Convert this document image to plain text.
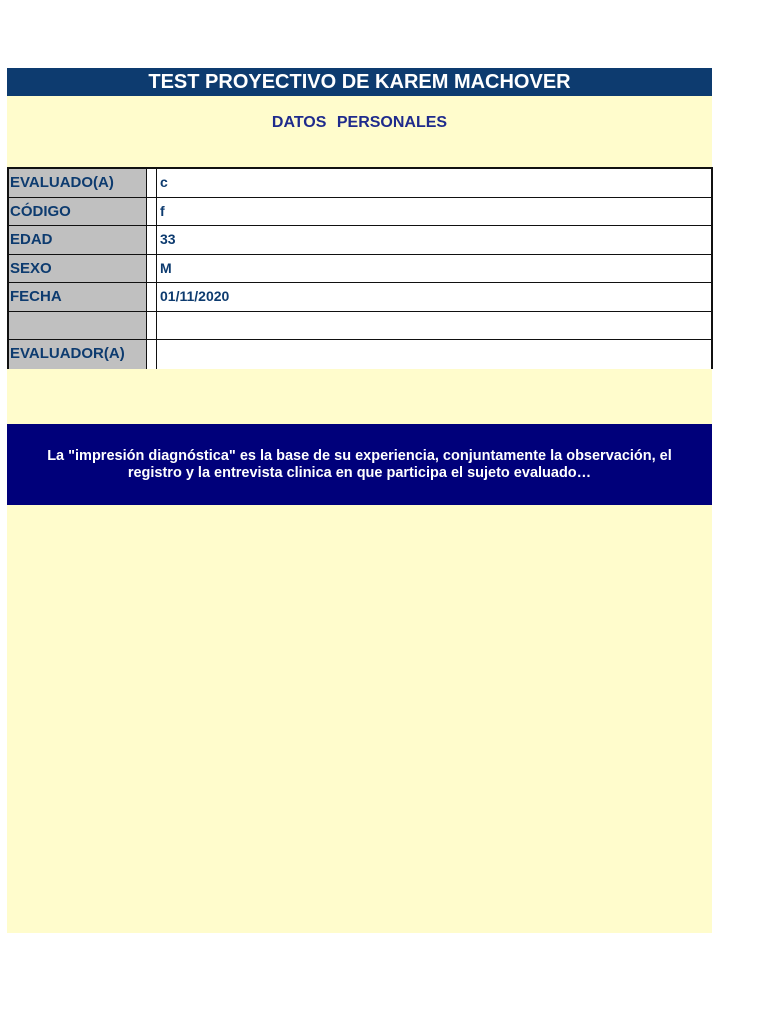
TEST PROYECTIVO DE KAREM MACHOVER
DATOS PERSONALES
EVALUADO(A)	c
CÓDIGO	f
EDAD	33
SEXO	M
FECHA	01/11/2020
EVALUADOR(A)
La "impresión diagnóstica" es la base de su experiencia, conjuntamente la observación, el registro y la entrevista clinica en que participa el sujeto evaluado…
